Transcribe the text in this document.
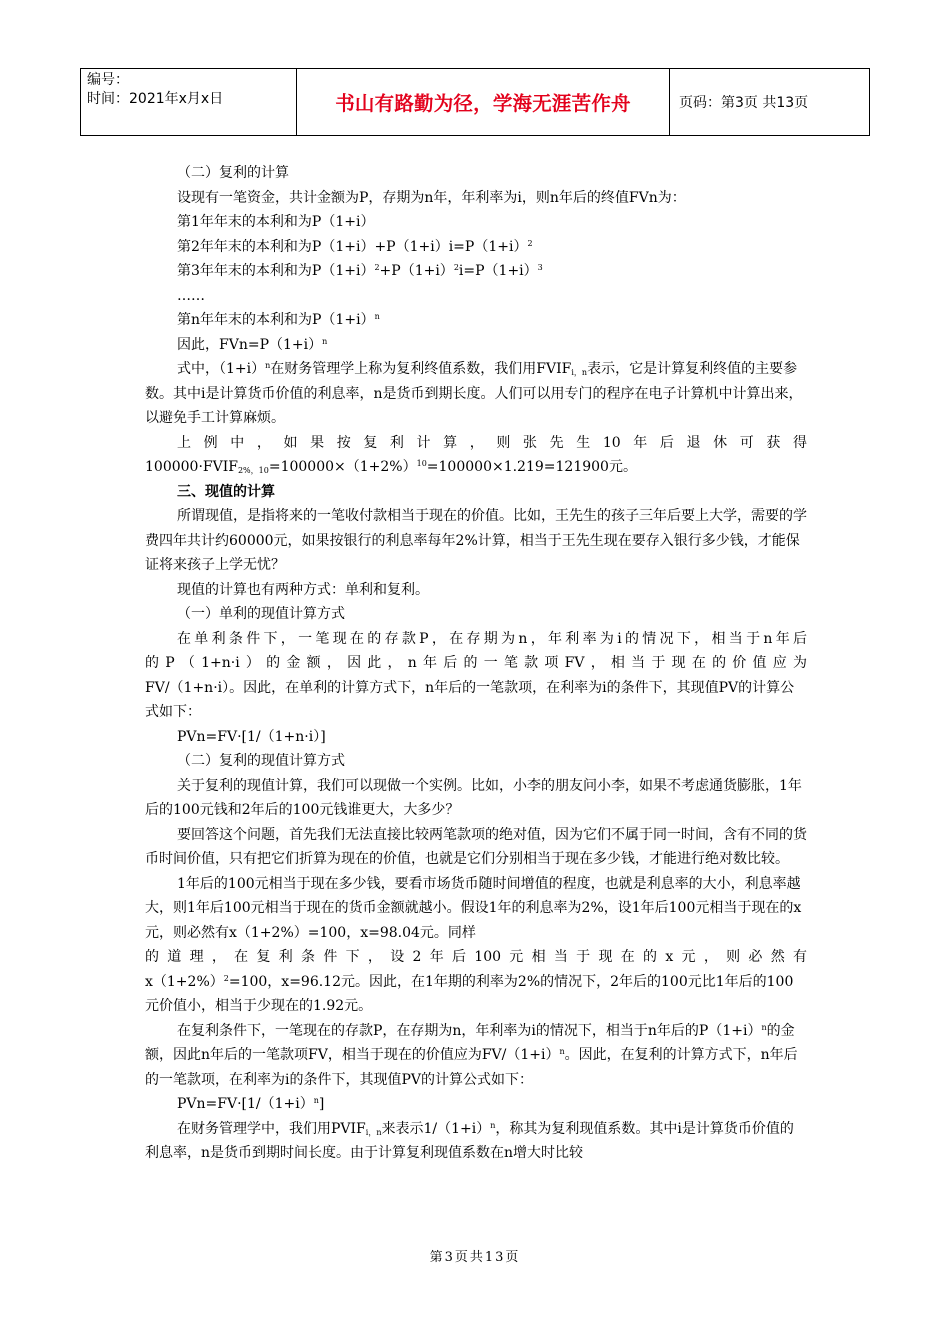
编号：
时间：2021年x月x日	书山有路勤为径，学海无涯苦作舟	页码：第3页 共13页

（二）复利的计算

设现有一笔资金，共计金额为P，存期为n年，年利率为i，则n年后的终值FVn为：

第1年年末的本利和为P（1+i）

第2年年末的本利和为$P(1+i)+P(1+i)i=P(1+i)^2$

第3年年末的本利和为$P(1+i)^2+P(1+i)^2i=P(1+i)^3$

……

第n年年末的本利和为$P(1+i)^n$

因此，$FVn=P(1+i)^n$

式中，$(1+i)^n$在财务管理学上称为复利终值系数，我们用$FVIF_{i,n}$表示，它是计算复利终值的主要参数。其中i是计算货币价值的利息率，n是货币到期长度。人们可以用专门的程序在电子计算机中计算出来，以避免手工计算麻烦。

上例中，如果按复利计算，则张先生10年后退休可获得

$100000\cdot FVIF_{2\%,10}=100000\times(1+2\%)^{10}=100000\times 1.219=121900$元。

三、现值的计算

所谓现值，是指将来的一笔收付款相当于现在的价值。比如，王先生的孩子三年后要上大学，需要的学费四年共计约60000元，如果按银行的利息率每年2%计算，相当于王先生现在要存入银行多少钱，才能保证将来孩子上学无忧？

现值的计算也有两种方式：单利和复利。

（一）单利的现值计算方式

在单利条件下，一笔现在的存款P，在存期为n，年利率为i的情况下，相当于n年后

的P（1+n·i）的金额，因此，n年后的一笔款项FV，相当于现在的价值应为

FV/（1+n·i）。因此，在单利的计算方式下，n年后的一笔款项，在利率为i的条件下，其现值PV的计算公式如下：

PVn=FV·[1/（1+n·i）]

（二）复利的现值计算方式

关于复利的现值计算，我们可以现做一个实例。比如，小李的朋友问小李，如果不考虑通货膨胀，1年后的100元钱和2年后的100元钱谁更大，大多少？

要回答这个问题，首先我们无法直接比较两笔款项的绝对值，因为它们不属于同一时间，含有不同的货币时间价值，只有把它们折算为现在的价值，也就是它们分别相当于现在多少钱，才能进行绝对数比较。

1年后的100元相当于现在多少钱，要看市场货币随时间增值的程度，也就是利息率的大小，利息率越大，则1年后100元相当于现在的货币金额就越小。假设1年的利息率为2%，设1年后100元相当于现在的x元，则必然有x（1+2%）=100，x=98.04元。同样

的道理，在复利条件下，设2年后100元相当于现在的x元，则必然有

$x(1+2\%)^2=100$，x=96.12元。因此，在1年期的利率为2%的情况下，2年后的100元比1年后的100元价值小，相当于少现在的1.92元。

在复利条件下，一笔现在的存款P，在存期为n，年利率为i的情况下，相当于n年后的$P(1+i)^n$的金额，因此n年后的一笔款项FV，相当于现在的价值应为$FV/(1+i)^n$。因此，在复利的计算方式下，n年后的一笔款项，在利率为i的条件下，其现值PV的计算公式如下：

$PVn=FV\cdot[1/(1+i)^n]$

在财务管理学中，我们用$PVIF_{i,n}$来表示$1/(1+i)^n$，称其为复利现值系数。其中i是计算货币价值的利息率，n是货币到期时间长度。由于计算复利现值系数在n增大时比较

第3页共13页
